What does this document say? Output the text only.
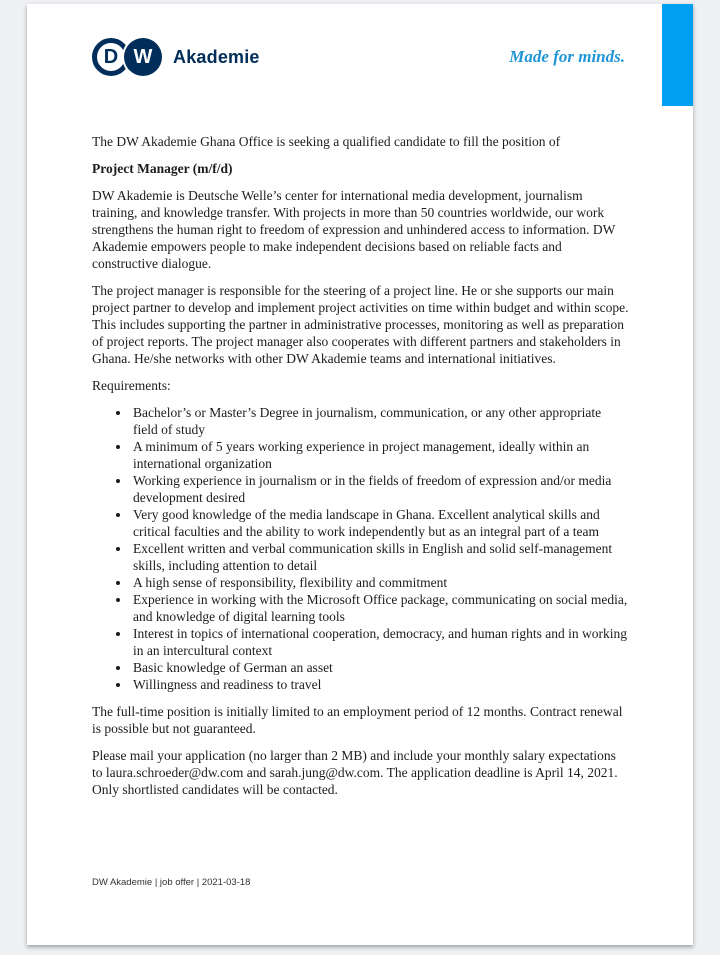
D W Akademie	Made for minds.

The DW Akademie Ghana Office is seeking a qualified candidate to fill the position of

Project Manager (m/f/d)

DW Akademie is Deutsche Welle’s center for international media development, journalism training, and knowledge transfer. With projects in more than 50 countries worldwide, our work strengthens the human right to freedom of expression and unhindered access to information. DW Akademie empowers people to make independent decisions based on reliable facts and constructive dialogue.

The project manager is responsible for the steering of a project line. He or she supports our main project partner to develop and implement project activities on time within budget and within scope. This includes supporting the partner in administrative processes, monitoring as well as preparation of project reports. The project manager also cooperates with different partners and stakeholders in Ghana. He/she networks with other DW Akademie teams and international initiatives.

Requirements:

• Bachelor’s or Master’s Degree in journalism, communication, or any other appropriate field of study
• A minimum of 5 years working experience in project management, ideally within an international organization
• Working experience in journalism or in the fields of freedom of expression and/or media development desired
• Very good knowledge of the media landscape in Ghana. Excellent analytical skills and critical faculties and the ability to work independently but as an integral part of a team
• Excellent written and verbal communication skills in English and solid self-management skills, including attention to detail
• A high sense of responsibility, flexibility and commitment
• Experience in working with the Microsoft Office package, communicating on social media, and knowledge of digital learning tools
• Interest in topics of international cooperation, democracy, and human rights and in working in an intercultural context
• Basic knowledge of German an asset
• Willingness and readiness to travel

The full-time position is initially limited to an employment period of 12 months. Contract renewal is possible but not guaranteed.

Please mail your application (no larger than 2 MB) and include your monthly salary expectations to laura.schroeder@dw.com and sarah.jung@dw.com. The application deadline is April 14, 2021. Only shortlisted candidates will be contacted.

DW Akademie | job offer | 2021-03-18
